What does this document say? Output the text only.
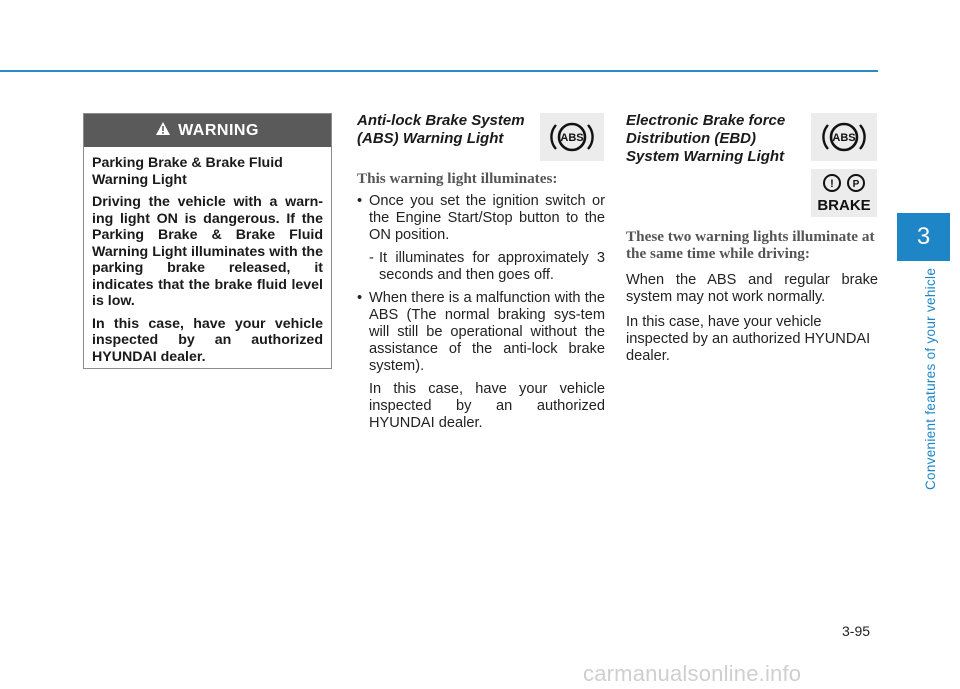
3
Convenient features of your vehicle
WARNING

Parking Brake & Brake Fluid Warning Light

Driving the vehicle with a warn-ing light ON is dangerous. If the Parking Brake & Brake Fluid Warning Light illuminates with the parking brake released, it indicates that the brake fluid level is low.

In this case, have your vehicle inspected by an authorized HYUNDAI dealer.

Anti-lock Brake System
(ABS) Warning Light
This warning light illuminates:
• Once you set the ignition switch or the Engine Start/Stop button to the ON position.
- It illuminates for approximately 3 seconds and then goes off.
• When there is a malfunction with the ABS (The normal braking sys-tem will still be operational without the assistance of the anti-lock brake system).
In this case, have your vehicle inspected by an authorized HYUNDAI dealer.
ABS
Electronic Brake force
Distribution (EBD)
System Warning Light
These two warning lights illuminate at the same time while driving:

When the ABS and regular brake system may not work normally.

In this case, have your vehicle inspected by an authorized HYUNDAI dealer.

ABS
! P
BRAKE
3-95
carmanualsonline.info
